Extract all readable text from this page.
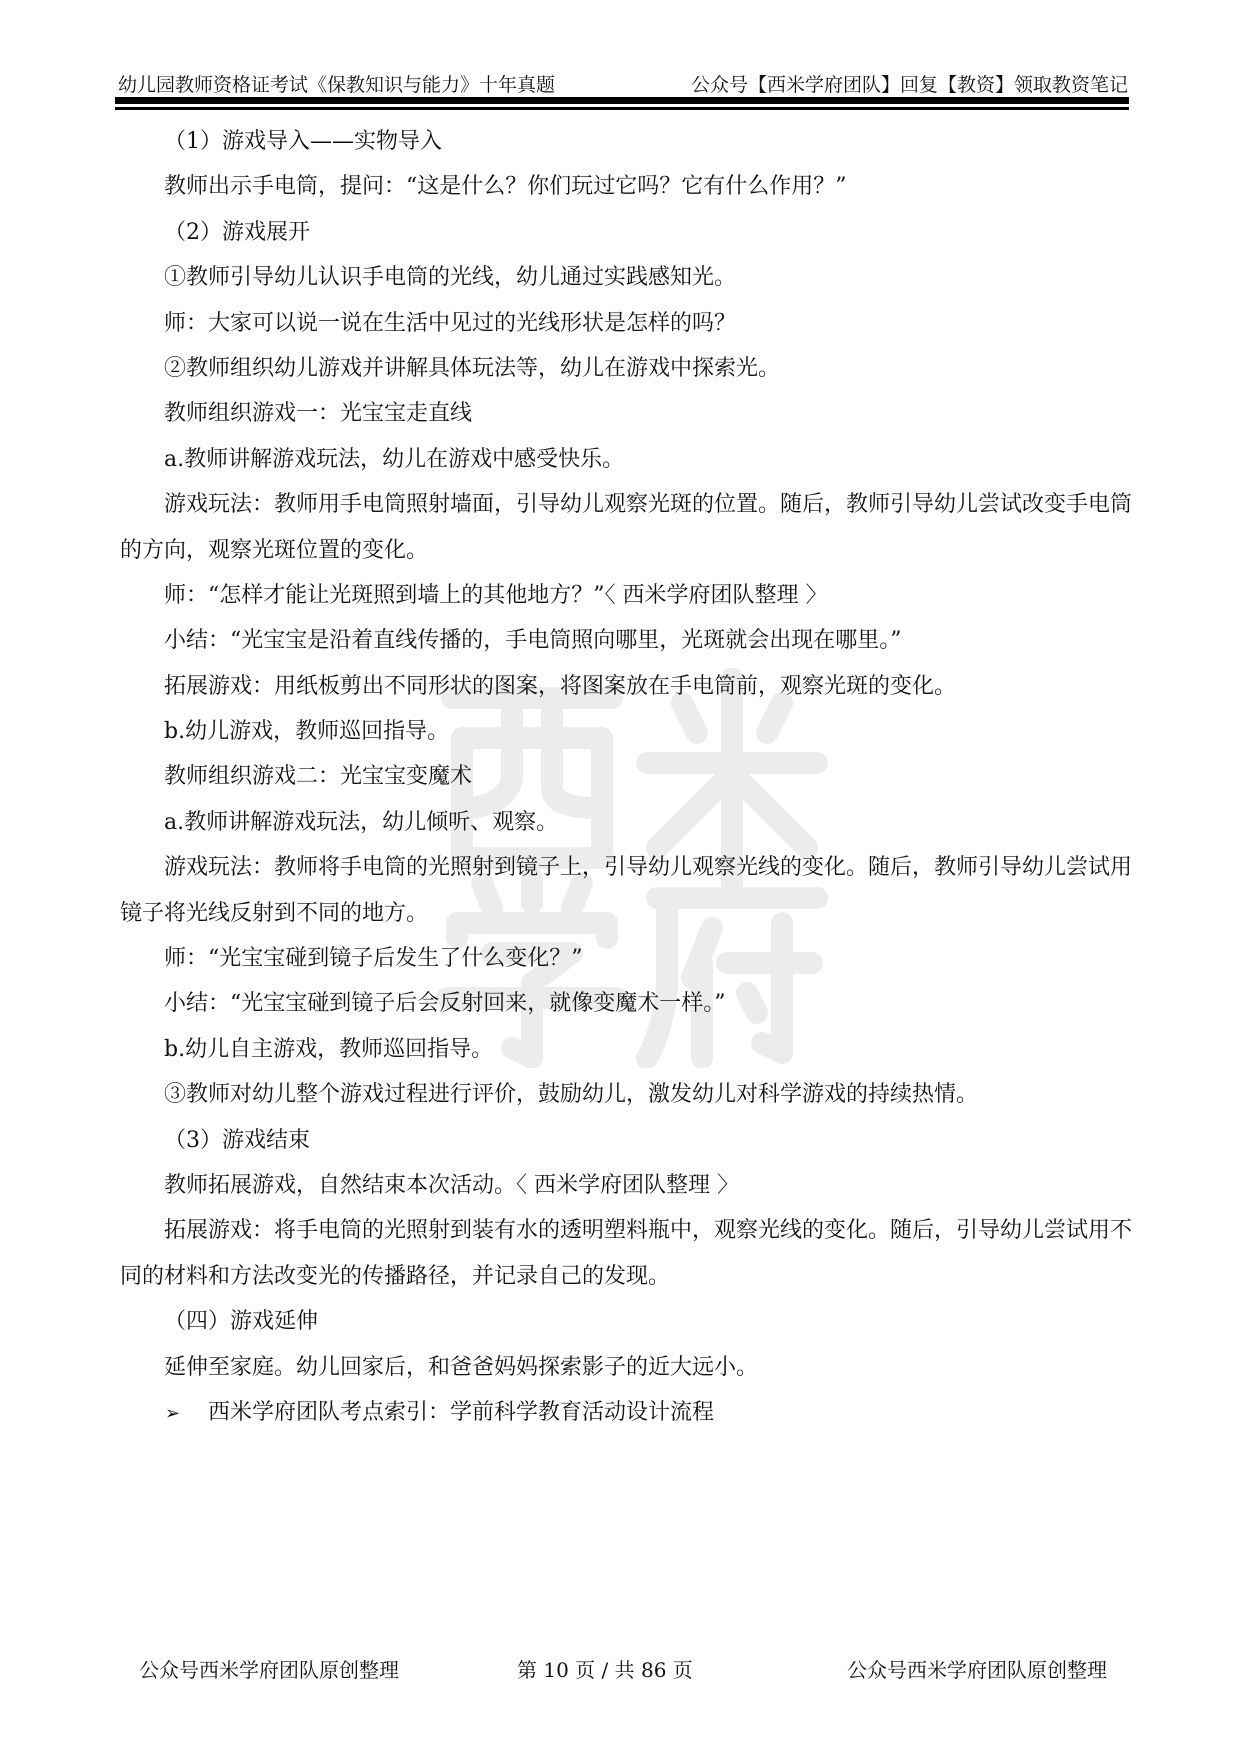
幼儿园教师资格证考试《保教知识与能力》十年真题	公众号【西米学府团队】回复【教资】领取教资笔记
（1）游戏导入——实物导入
教师出示手电筒，提问：“这是什么？你们玩过它吗？它有什么作用？”
（2）游戏展开
①教师引导幼儿认识手电筒的光线，幼儿通过实践感知光。
师：大家可以说一说在生活中见过的光线形状是怎样的吗？
②教师组织幼儿游戏并讲解具体玩法等，幼儿在游戏中探索光。
教师组织游戏一：光宝宝走直线
a.教师讲解游戏玩法，幼儿在游戏中感受快乐。
游戏玩法：教师用手电筒照射墙面，引导幼儿观察光斑的位置。随后，教师引导幼儿尝试改变手电筒
的方向，观察光斑位置的变化。
师：“怎样才能让光斑照到墙上的其他地方？”〈 西米学府团队整理 〉
小结：“光宝宝是沿着直线传播的，手电筒照向哪里，光斑就会出现在哪里。”
拓展游戏：用纸板剪出不同形状的图案，将图案放在手电筒前，观察光斑的变化。
b.幼儿游戏，教师巡回指导。
教师组织游戏二：光宝宝变魔术
a.教师讲解游戏玩法，幼儿倾听、观察。
游戏玩法：教师将手电筒的光照射到镜子上，引导幼儿观察光线的变化。随后，教师引导幼儿尝试用
镜子将光线反射到不同的地方。
师：“光宝宝碰到镜子后发生了什么变化？”
小结：“光宝宝碰到镜子后会反射回来，就像变魔术一样。”
b.幼儿自主游戏，教师巡回指导。
③教师对幼儿整个游戏过程进行评价，鼓励幼儿，激发幼儿对科学游戏的持续热情。
（3）游戏结束
教师拓展游戏，自然结束本次活动。〈 西米学府团队整理 〉
拓展游戏：将手电筒的光照射到装有水的透明塑料瓶中，观察光线的变化。随后，引导幼儿尝试用不
同的材料和方法改变光的传播路径，并记录自己的发现。
（四）游戏延伸
延伸至家庭。幼儿回家后，和爸爸妈妈探索影子的近大远小。
➢ 西米学府团队考点索引：学前科学教育活动设计流程
公众号西米学府团队原创整理	第 10 页 / 共 86 页	公众号西米学府团队原创整理
